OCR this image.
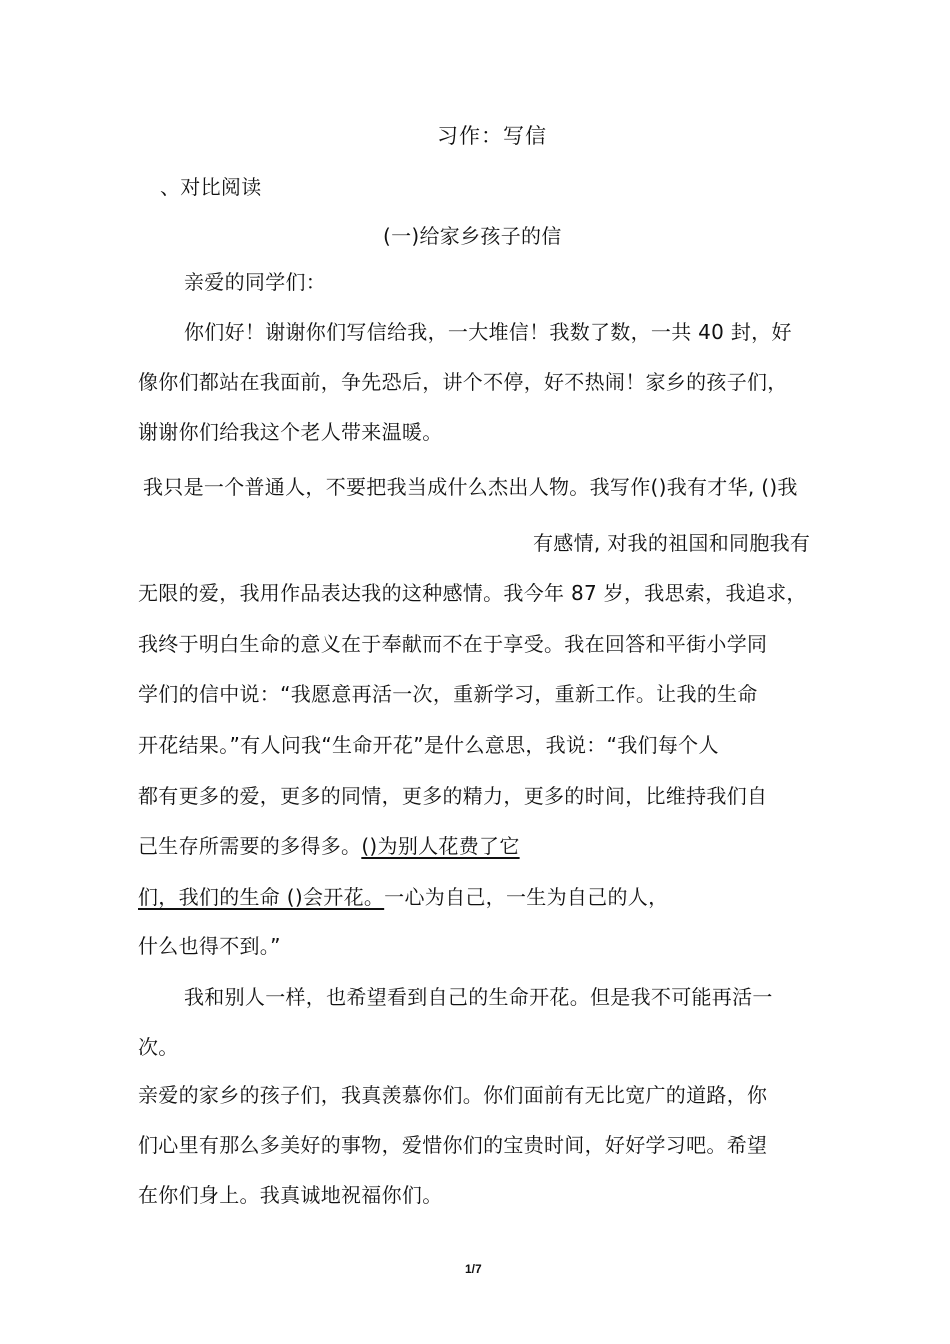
习作：写信
、对比阅读
(一)给家乡孩子的信
亲爱的同学们：
你们好！谢谢你们写信给我，一大堆信！我数了数，一共 40 封，好
像你们都站在我面前，争先恐后，讲个不停，好不热闹！家乡的孩子们，
谢谢你们给我这个老人带来温暖。
我只是一个普通人，不要把我当成什么杰出人物。我写作()我有才华, ()我
有感情, 对我的祖国和同胞我有
无限的爱，我用作品表达我的这种感情。我今年 87 岁，我思索，我追求，
我终于明白生命的意义在于奉献而不在于享受。我在回答和平街小学同
学们的信中说：“我愿意再活一次，重新学习，重新工作。让我的生命
开花结果。”有人问我“生命开花”是什么意思，我说：“我们每个人
都有更多的爱，更多的同情，更多的精力，更多的时间，比维持我们自
己生存所需要的多得多。()为别人花费了它
们，我们的生命 ()会开花。一心为自己，一生为自己的人，
什么也得不到。”
我和别人一样，也希望看到自己的生命开花。但是我不可能再活一
次。
亲爱的家乡的孩子们，我真羡慕你们。你们面前有无比宽广的道路，你
们心里有那么多美好的事物，爱惜你们的宝贵时间，好好学习吧。希望
在你们身上。我真诚地祝福你们。
1/7
